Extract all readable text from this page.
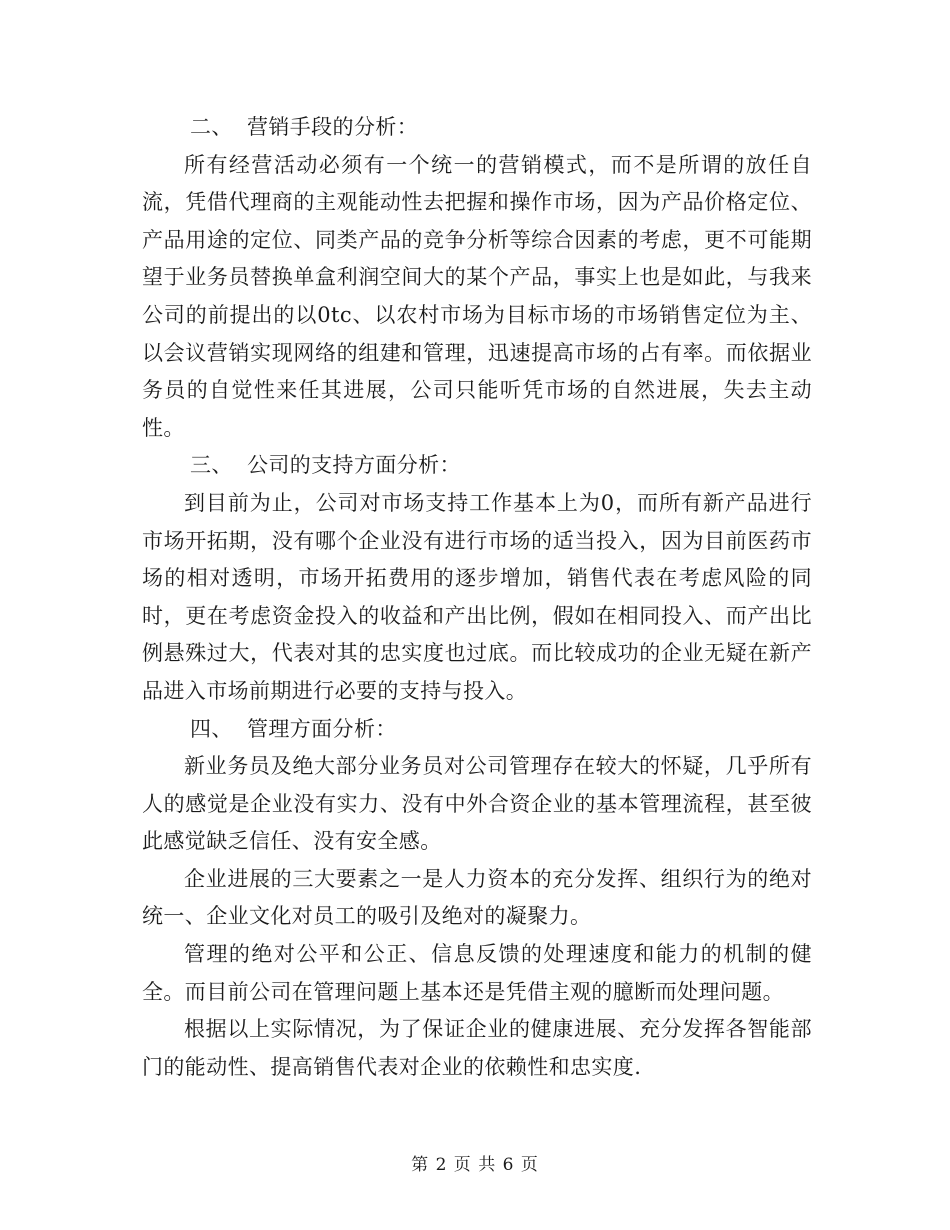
二、  营销手段的分析：

所有经营活动必须有一个统一的营销模式，而不是所谓的放任自流，凭借代理商的主观能动性去把握和操作市场，因为产品价格定位、产品用途的定位、同类产品的竞争分析等综合因素的考虑，更不可能期望于业务员替换单盒利润空间大的某个产品，事实上也是如此，与我来公司的前提出的以0tc、以农村市场为目标市场的市场销售定位为主、以会议营销实现网络的组建和管理，迅速提高市场的占有率。而依据业务员的自觉性来任其进展，公司只能听凭市场的自然进展，失去主动性。

三、  公司的支持方面分析：

到目前为止，公司对市场支持工作基本上为0，而所有新产品进行市场开拓期，没有哪个企业没有进行市场的适当投入，因为目前医药市场的相对透明，市场开拓费用的逐步增加，销售代表在考虑风险的同时，更在考虑资金投入的收益和产出比例，假如在相同投入、而产出比例悬殊过大，代表对其的忠实度也过底。而比较成功的企业无疑在新产品进入市场前期进行必要的支持与投入。

四、  管理方面分析：

新业务员及绝大部分业务员对公司管理存在较大的怀疑，几乎所有人的感觉是企业没有实力、没有中外合资企业的基本管理流程，甚至彼此感觉缺乏信任、没有安全感。

企业进展的三大要素之一是人力资本的充分发挥、组织行为的绝对统一、企业文化对员工的吸引及绝对的凝聚力。

管理的绝对公平和公正、信息反馈的处理速度和能力的机制的健全。而目前公司在管理问题上基本还是凭借主观的臆断而处理问题。

根据以上实际情况，为了保证企业的健康进展、充分发挥各智能部门的能动性、提高销售代表对企业的依赖性和忠实度.

第 2 页 共 6 页
